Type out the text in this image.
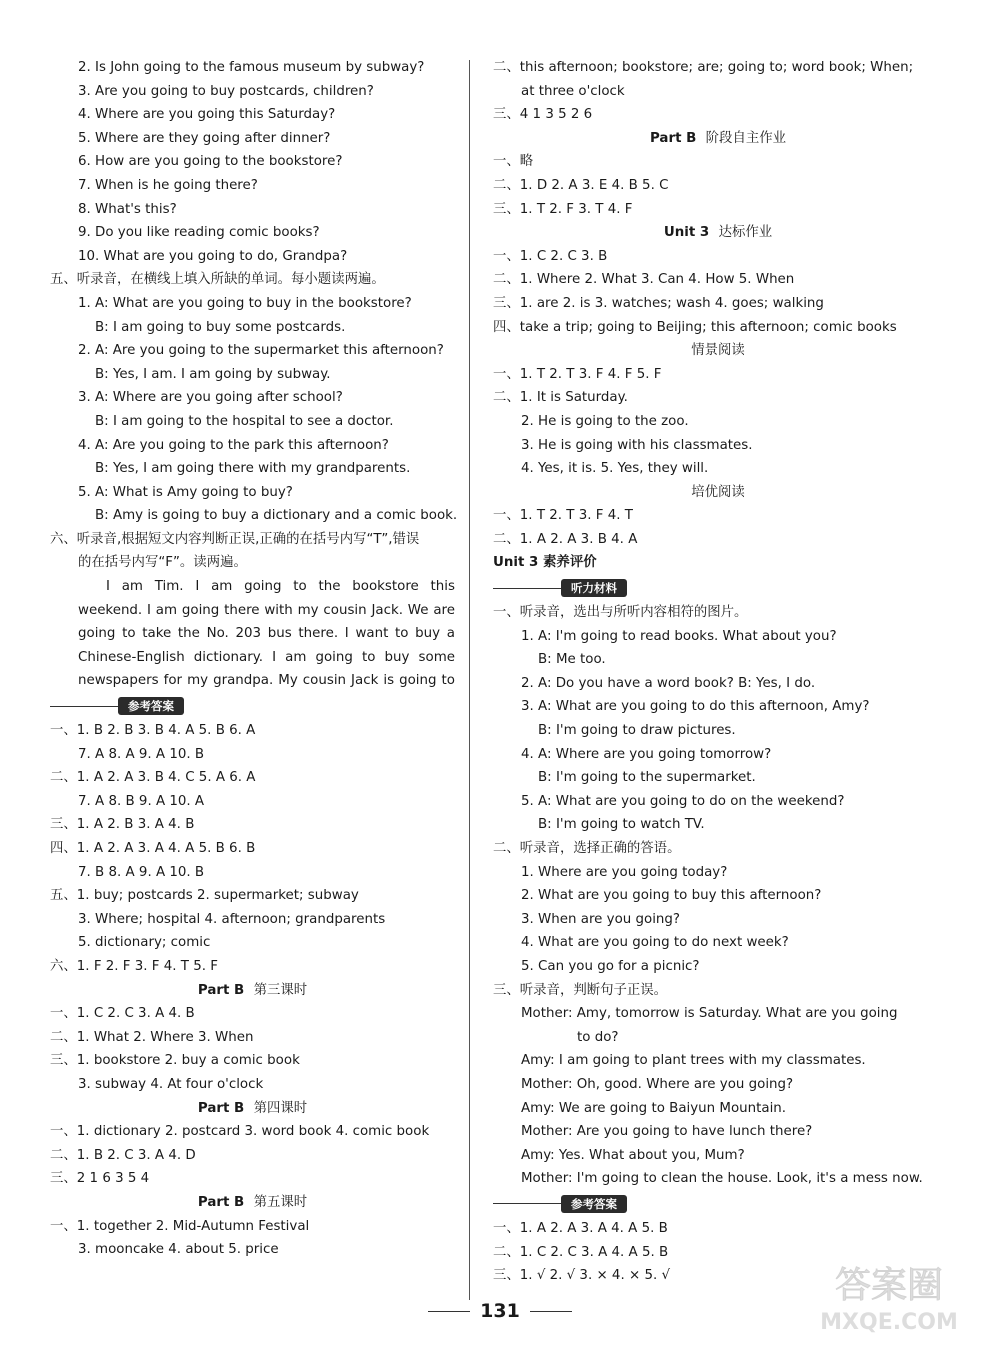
2. Is John going to the famous museum by subway?
3. Are you going to buy postcards, children?
4. Where are you going this Saturday?
5. Where are they going after dinner?
6. How are you going to the bookstore?
7. When is he going there?
8. What's this?
9. Do you like reading comic books?
10. What are you going to do, Grandpa?
五、听录音，在横线上填入所缺的单词。每小题读两遍。
1. A: What are you going to buy in the bookstore?
B: I am going to buy some postcards.
2. A: Are you going to the supermarket this afternoon?
B: Yes, I am. I am going by subway.
3. A: Where are you going after school?
B: I am going to the hospital to see a doctor.
4. A: Are you going to the park this afternoon?
B: Yes, I am going there with my grandparents.
5. A: What is Amy going to buy?
B: Amy is going to buy a dictionary and a comic book.
六、听录音,根据短文内容判断正误,正确的在括号内写“T”,错误
的在括号内写“F”。读两遍。
I am Tim. I am going to the bookstore this weekend. I am going there with my cousin Jack. We are going to take the No. 203 bus there. I want to buy a Chinese-English dictionary. I am going to buy some newspapers for my grandpa. My cousin Jack is going to
参考答案
一、1. B 2. B 3. B 4. A 5. B 6. A
7. A 8. A 9. A 10. B
二、1. A 2. A 3. B 4. C 5. A 6. A
7. A 8. B 9. A 10. A
三、1. A 2. B 3. A 4. B
四、1. A 2. A 3. A 4. A 5. B 6. B
7. B 8. A 9. A 10. B
五、1. buy; postcards 2. supermarket; subway
3. Where; hospital 4. afternoon; grandparents
5. dictionary; comic
六、1. F 2. F 3. F 4. T 5. F
Part B 第三课时
一、1. C 2. C 3. A 4. B
二、1. What 2. Where 3. When
三、1. bookstore 2. buy a comic book
3. subway 4. At four o'clock
Part B 第四课时
一、1. dictionary 2. postcard 3. word book 4. comic book
二、1. B 2. C 3. A 4. D
三、2 1 6 3 5 4
Part B 第五课时
一、1. together 2. Mid-Autumn Festival
3. mooncake 4. about 5. price
二、this afternoon; bookstore; are; going to; word book; When;
at three o'clock
三、4 1 3 5 2 6
Part B 阶段自主作业
一、略
二、1. D 2. A 3. E 4. B 5. C
三、1. T 2. F 3. T 4. F
Unit 3 达标作业
一、1. C 2. C 3. B
二、1. Where 2. What 3. Can 4. How 5. When
三、1. are 2. is 3. watches; wash 4. goes; walking
四、take a trip; going to Beijing; this afternoon; comic books
情景阅读
一、1. T 2. T 3. F 4. F 5. F
二、1. It is Saturday.
2. He is going to the zoo.
3. He is going with his classmates.
4. Yes, it is. 5. Yes, they will.
培优阅读
一、1. T 2. T 3. F 4. T
二、1. A 2. A 3. B 4. A
Unit 3 素养评价
听力材料
一、听录音，选出与所听内容相符的图片。
1. A: I'm going to read books. What about you?
B: Me too.
2. A: Do you have a word book? B: Yes, I do.
3. A: What are you going to do this afternoon, Amy?
B: I'm going to draw pictures.
4. A: Where are you going tomorrow?
B: I'm going to the supermarket.
5. A: What are you going to do on the weekend?
B: I'm going to watch TV.
二、听录音，选择正确的答语。
1. Where are you going today?
2. What are you going to buy this afternoon?
3. When are you going?
4. What are you going to do next week?
5. Can you go for a picnic?
三、听录音，判断句子正误。
Mother: Amy, tomorrow is Saturday. What are you going
to do?
Amy: I am going to plant trees with my classmates.
Mother: Oh, good. Where are you going?
Amy: We are going to Baiyun Mountain.
Mother: Are you going to have lunch there?
Amy: Yes. What about you, Mum?
Mother: I'm going to clean the house. Look, it's a mess now.
参考答案
一、1. A 2. A 3. A 4. A 5. B
二、1. C 2. C 3. A 4. A 5. B
三、1. √ 2. √ 3. × 4. × 5. √
131
答案圈
MXQE.COM
